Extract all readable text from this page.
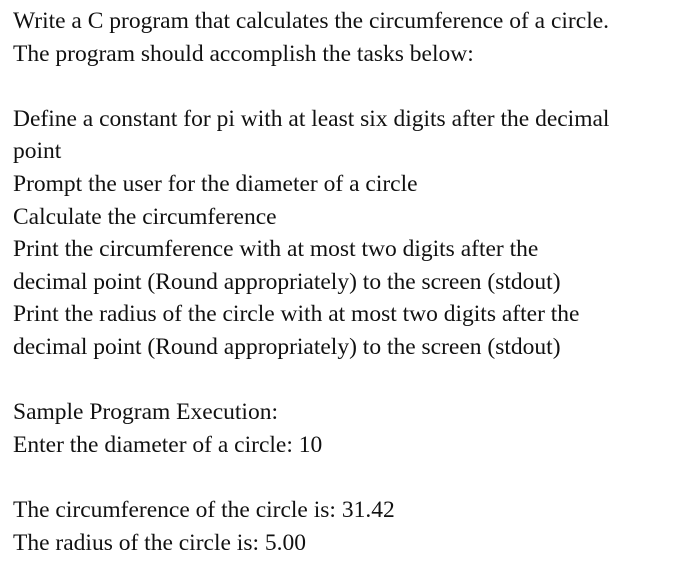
Write a C program that calculates the circumference of a circle.
The program should accomplish the tasks below:
Define a constant for pi with at least six digits after the decimal
point
Prompt the user for the diameter of a circle
Calculate the circumference
Print the circumference with at most two digits after the
decimal point (Round appropriately) to the screen (stdout)
Print the radius of the circle with at most two digits after the
decimal point (Round appropriately) to the screen (stdout)
Sample Program Execution:
Enter the diameter of a circle: 10
The circumference of the circle is: 31.42
The radius of the circle is: 5.00
